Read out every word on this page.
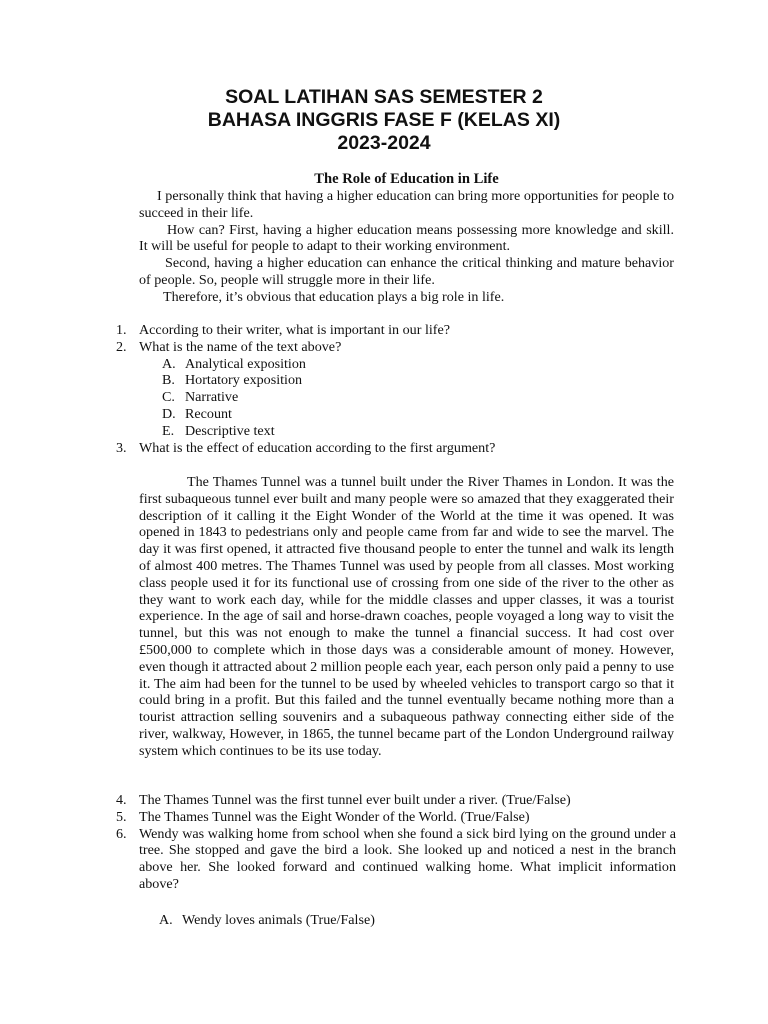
SOAL LATIHAN SAS SEMESTER 2
BAHASA INGGRIS FASE F (KELAS XI)
2023-2024
The Role of Education in Life

I personally think that having a higher education can bring more opportunities for people to succeed in their life.

How can? First, having a higher education means possessing more knowledge and skill. It will be useful for people to adapt to their working environment.

Second, having a higher education can enhance the critical thinking and mature behavior of people. So, people will struggle more in their life.

Therefore, it’s obvious that education plays a big role in life.

1. According to their writer, what is important in our life?
2. What is the name of the text above?
A. Analytical exposition
B. Hortatory exposition
C. Narrative
D. Recount
E. Descriptive text
3. What is the effect of education according to the first argument?

The Thames Tunnel was a tunnel built under the River Thames in London. It was the first subaqueous tunnel ever built and many people were so amazed that they exaggerated their description of it calling it the Eight Wonder of the World at the time it was opened. It was opened in 1843 to pedestrians only and people came from far and wide to see the marvel. The day it was first opened, it attracted five thousand people to enter the tunnel and walk its length of almost 400 metres. The Thames Tunnel was used by people from all classes. Most working class people used it for its functional use of crossing from one side of the river to the other as they want to work each day, while for the middle classes and upper classes, it was a tourist experience. In the age of sail and horse-drawn coaches, people voyaged a long way to visit the tunnel, but this was not enough to make the tunnel a financial success. It had cost over £500,000 to complete which in those days was a considerable amount of money. However, even though it attracted about 2 million people each year, each person only paid a penny to use it. The aim had been for the tunnel to be used by wheeled vehicles to transport cargo so that it could bring in a profit. But this failed and the tunnel eventually became nothing more than a tourist attraction selling souvenirs and a subaqueous pathway connecting either side of the river, walkway, However, in 1865, the tunnel became part of the London Underground railway system which continues to be its use today.

4. The Thames Tunnel was the first tunnel ever built under a river. (True/False)
5. The Thames Tunnel was the Eight Wonder of the World. (True/False)
6. Wendy was walking home from school when she found a sick bird lying on the ground under a tree. She stopped and gave the bird a look. She looked up and noticed a nest in the branch above her. She looked forward and continued walking home. What implicit information above?
A. Wendy loves animals (True/False)
